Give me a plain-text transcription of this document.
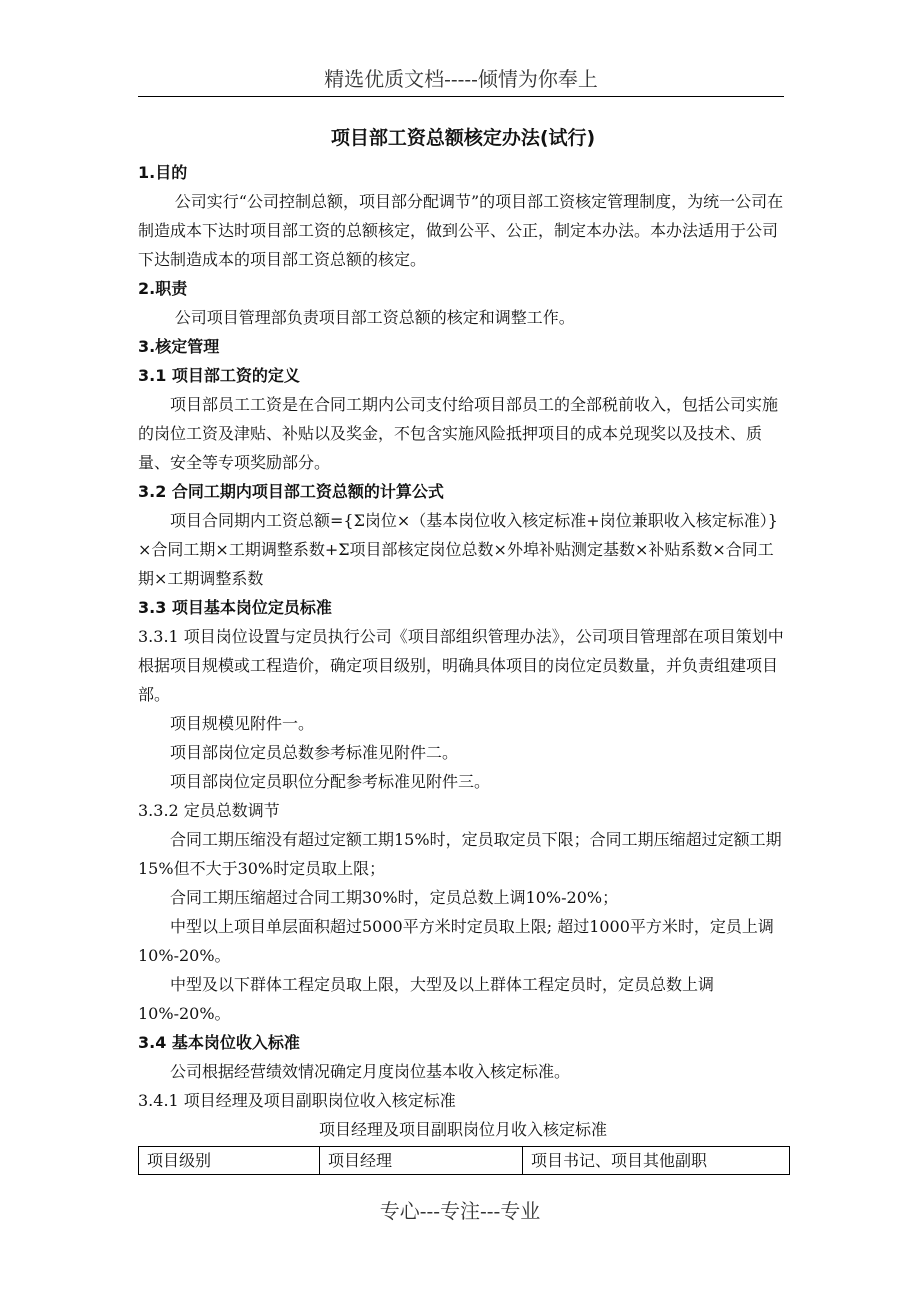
精选优质文档-----倾情为你奉上
项目部工资总额核定办法(试行)
1.目的

公司实行“公司控制总额，项目部分配调节”的项目部工资核定管理制度，为统一公司在制造成本下达时项目部工资的总额核定，做到公平、公正，制定本办法。本办法适用于公司下达制造成本的项目部工资总额的核定。

2.职责

公司项目管理部负责项目部工资总额的核定和调整工作。

3.核定管理
3.1 项目部工资的定义

项目部员工工资是在合同工期内公司支付给项目部员工的全部税前收入，包括公司实施的岗位工资及津贴、补贴以及奖金，不包含实施风险抵押项目的成本兑现奖以及技术、质量、安全等专项奖励部分。

3.2 合同工期内项目部工资总额的计算公式

项目合同期内工资总额={Σ岗位×（基本岗位收入核定标准+岗位兼职收入核定标准）}×合同工期×工期调整系数+Σ项目部核定岗位总数×外埠补贴测定基数×补贴系数×合同工期×工期调整系数

3.3 项目基本岗位定员标准

3.3.1 项目岗位设置与定员执行公司《项目部组织管理办法》，公司项目管理部在项目策划中根据项目规模或工程造价，确定项目级别，明确具体项目的岗位定员数量，并负责组建项目部。

项目规模见附件一。

项目部岗位定员总数参考标准见附件二。

项目部岗位定员职位分配参考标准见附件三。

3.3.2 定员总数调节

合同工期压缩没有超过定额工期15%时，定员取定员下限；合同工期压缩超过定额工期15%但不大于30%时定员取上限；

合同工期压缩超过合同工期30%时，定员总数上调10%-20%；

中型以上项目单层面积超过5000平方米时定员取上限; 超过1000平方米时，定员上调10%-20%。

中型及以下群体工程定员取上限，大型及以上群体工程定员时，定员总数上调10%-20%。

3.4 基本岗位收入标准

公司根据经营绩效情况确定月度岗位基本收入核定标准。

3.4.1 项目经理及项目副职岗位收入核定标准

项目经理及项目副职岗位月收入核定标准

项目级别	项目经理	项目书记、项目其他副职
专心---专注---专业
